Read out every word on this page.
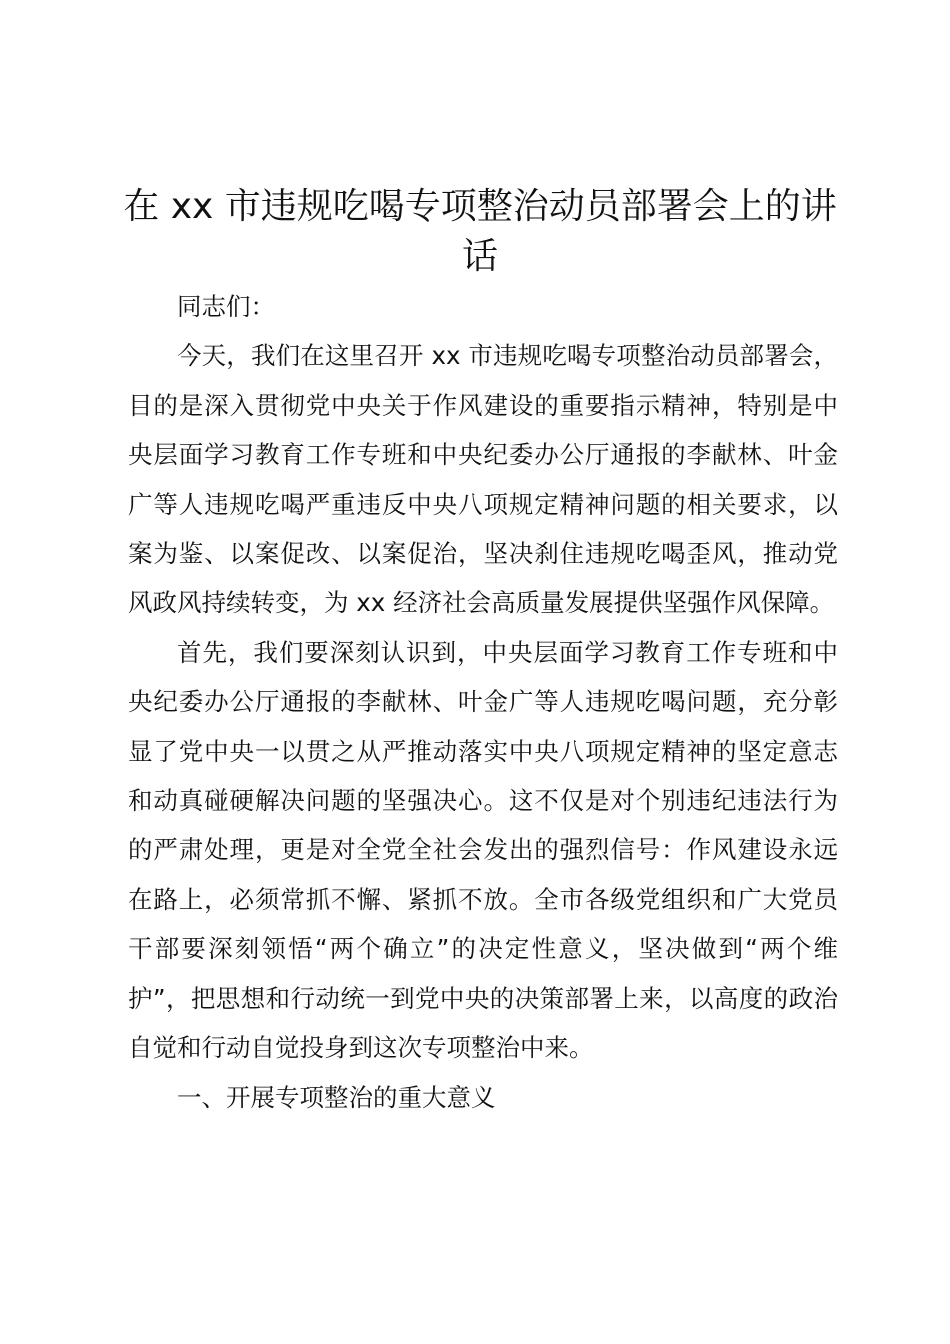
在 xx 市违规吃喝专项整治动员部署会上的讲话

同志们：

今天，我们在这里召开 xx 市违规吃喝专项整治动员部署会，目的是深入贯彻党中央关于作风建设的重要指示精神，特别是中央层面学习教育工作专班和中央纪委办公厅通报的李献林、叶金广等人违规吃喝严重违反中央八项规定精神问题的相关要求，以案为鉴、以案促改、以案促治，坚决刹住违规吃喝歪风，推动党风政风持续转变，为 xx 经济社会高质量发展提供坚强作风保障。

首先，我们要深刻认识到，中央层面学习教育工作专班和中央纪委办公厅通报的李献林、叶金广等人违规吃喝问题，充分彰显了党中央一以贯之从严推动落实中央八项规定精神的坚定意志和动真碰硬解决问题的坚强决心。这不仅是对个别违纪违法行为的严肃处理，更是对全党全社会发出的强烈信号：作风建设永远在路上，必须常抓不懈、紧抓不放。全市各级党组织和广大党员干部要深刻领悟“两个确立”的决定性意义，坚决做到“两个维护”，把思想和行动统一到党中央的决策部署上来，以高度的政治自觉和行动自觉投身到这次专项整治中来。

一、开展专项整治的重大意义
